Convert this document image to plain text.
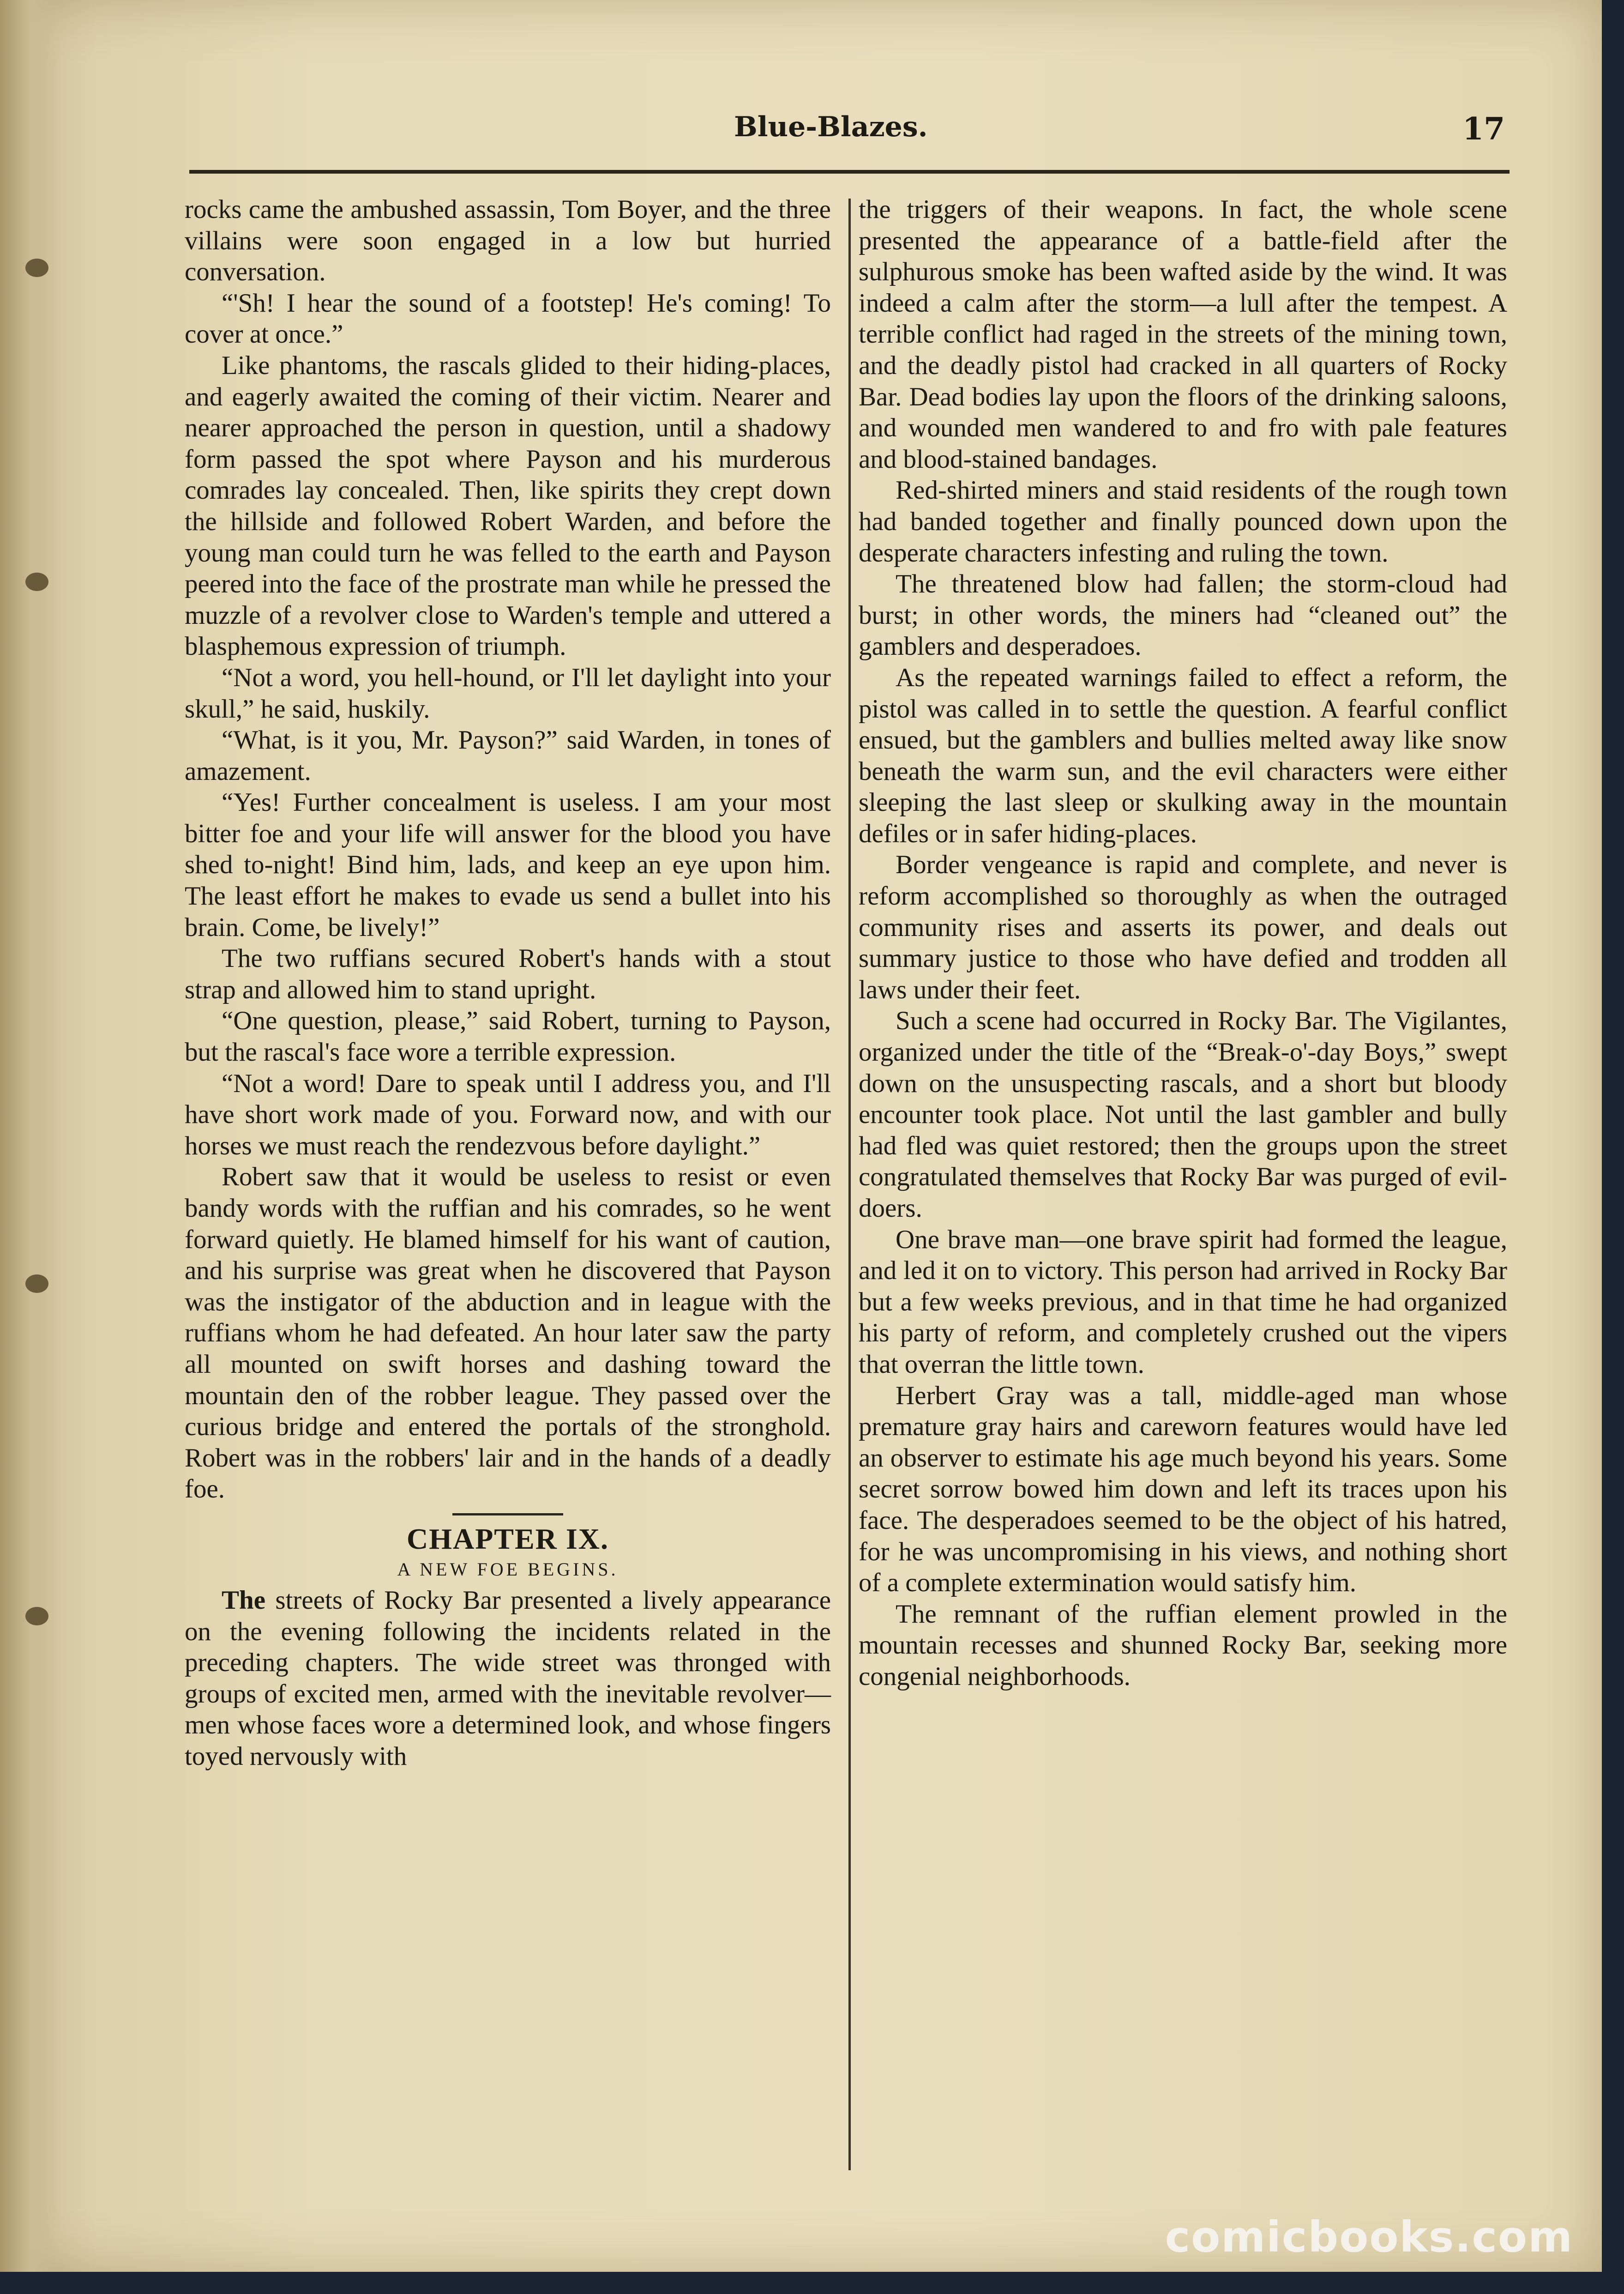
Blue-Blazes.	17

rocks came the ambushed assassin, Tom Boyer, and the three villains were soon engaged in a low but hurried conversation.

“'Sh! I hear the sound of a footstep! He's coming! To cover at once.”

Like phantoms, the rascals glided to their hiding-places, and eagerly awaited the coming of their victim. Nearer and nearer approached the person in question, until a shadowy form passed the spot where Payson and his murderous comrades lay concealed. Then, like spirits they crept down the hillside and followed Robert Warden, and before the young man could turn he was felled to the earth and Payson peered into the face of the prostrate man while he pressed the muzzle of a revolver close to Warden's temple and uttered a blasphemous expression of triumph.

“Not a word, you hell-hound, or I'll let daylight into your skull,” he said, huskily.

“What, is it you, Mr. Payson?” said Warden, in tones of amazement.

“Yes! Further concealment is useless. I am your most bitter foe and your life will answer for the blood you have shed to-night! Bind him, lads, and keep an eye upon him. The least effort he makes to evade us send a bullet into his brain. Come, be lively!”

The two ruffians secured Robert's hands with a stout strap and allowed him to stand upright.

“One question, please,” said Robert, turning to Payson, but the rascal's face wore a terrible expression.

“Not a word! Dare to speak until I address you, and I'll have short work made of you. Forward now, and with our horses we must reach the rendezvous before daylight.”

Robert saw that it would be useless to resist or even bandy words with the ruffian and his comrades, so he went forward quietly. He blamed himself for his want of caution, and his surprise was great when he discovered that Payson was the instigator of the abduction and in league with the ruffians whom he had defeated. An hour later saw the party all mounted on swift horses and dashing toward the mountain den of the robber league. They passed over the curious bridge and entered the portals of the stronghold. Robert was in the robbers' lair and in the hands of a deadly foe.

CHAPTER IX.
A NEW FOE BEGINS.

The streets of Rocky Bar presented a lively appearance on the evening following the incidents related in the preceding chapters. The wide street was thronged with groups of excited men, armed with the inevitable revolver—men whose faces wore a determined look, and whose fingers toyed nervously with

the triggers of their weapons. In fact, the whole scene presented the appearance of a battle-field after the sulphurous smoke has been wafted aside by the wind. It was indeed a calm after the storm—a lull after the tempest. A terrible conflict had raged in the streets of the mining town, and the deadly pistol had cracked in all quarters of Rocky Bar. Dead bodies lay upon the floors of the drinking saloons, and wounded men wandered to and fro with pale features and blood-stained bandages.

Red-shirted miners and staid residents of the rough town had banded together and finally pounced down upon the desperate characters infesting and ruling the town.

The threatened blow had fallen; the storm-cloud had burst; in other words, the miners had “cleaned out” the gamblers and desperadoes.

As the repeated warnings failed to effect a reform, the pistol was called in to settle the question. A fearful conflict ensued, but the gamblers and bullies melted away like snow beneath the warm sun, and the evil characters were either sleeping the last sleep or skulking away in the mountain defiles or in safer hiding-places.

Border vengeance is rapid and complete, and never is reform accomplished so thoroughly as when the outraged community rises and asserts its power, and deals out summary justice to those who have defied and trodden all laws under their feet.

Such a scene had occurred in Rocky Bar. The Vigilantes, organized under the title of the “Break-o'-day Boys,” swept down on the unsuspecting rascals, and a short but bloody encounter took place. Not until the last gambler and bully had fled was quiet restored; then the groups upon the street congratulated themselves that Rocky Bar was purged of evil-doers.

One brave man—one brave spirit had formed the league, and led it on to victory. This person had arrived in Rocky Bar but a few weeks previous, and in that time he had organized his party of reform, and completely crushed out the vipers that overran the little town.

Herbert Gray was a tall, middle-aged man whose premature gray hairs and careworn features would have led an observer to estimate his age much beyond his years. Some secret sorrow bowed him down and left its traces upon his face. The desperadoes seemed to be the object of his hatred, for he was uncompromising in his views, and nothing short of a complete extermination would satisfy him.

The remnant of the ruffian element prowled in the mountain recesses and shunned Rocky Bar, seeking more congenial neighborhoods.

comicbooks.com
